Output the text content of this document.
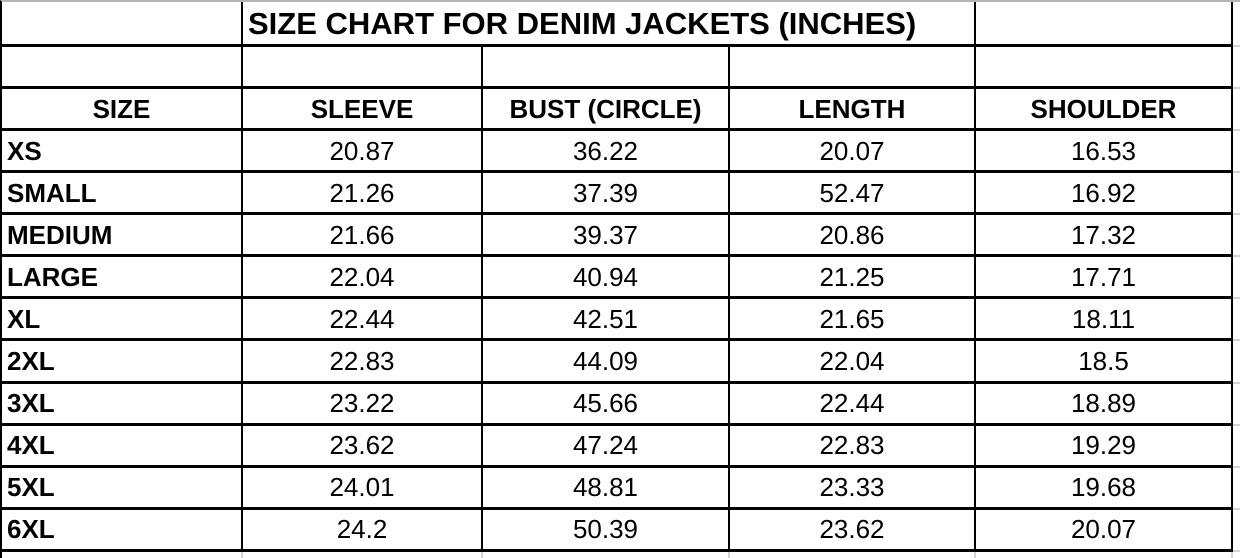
SIZE CHART FOR DENIM JACKETS (INCHES)
SIZE	SLEEVE	BUST (CIRCLE)	LENGTH	SHOULDER
XS	20.87	36.22	20.07	16.53
SMALL	21.26	37.39	52.47	16.92
MEDIUM	21.66	39.37	20.86	17.32
LARGE	22.04	40.94	21.25	17.71
XL	22.44	42.51	21.65	18.11
2XL	22.83	44.09	22.04	18.5
3XL	23.22	45.66	22.44	18.89
4XL	23.62	47.24	22.83	19.29
5XL	24.01	48.81	23.33	19.68
6XL	24.2	50.39	23.62	20.07
